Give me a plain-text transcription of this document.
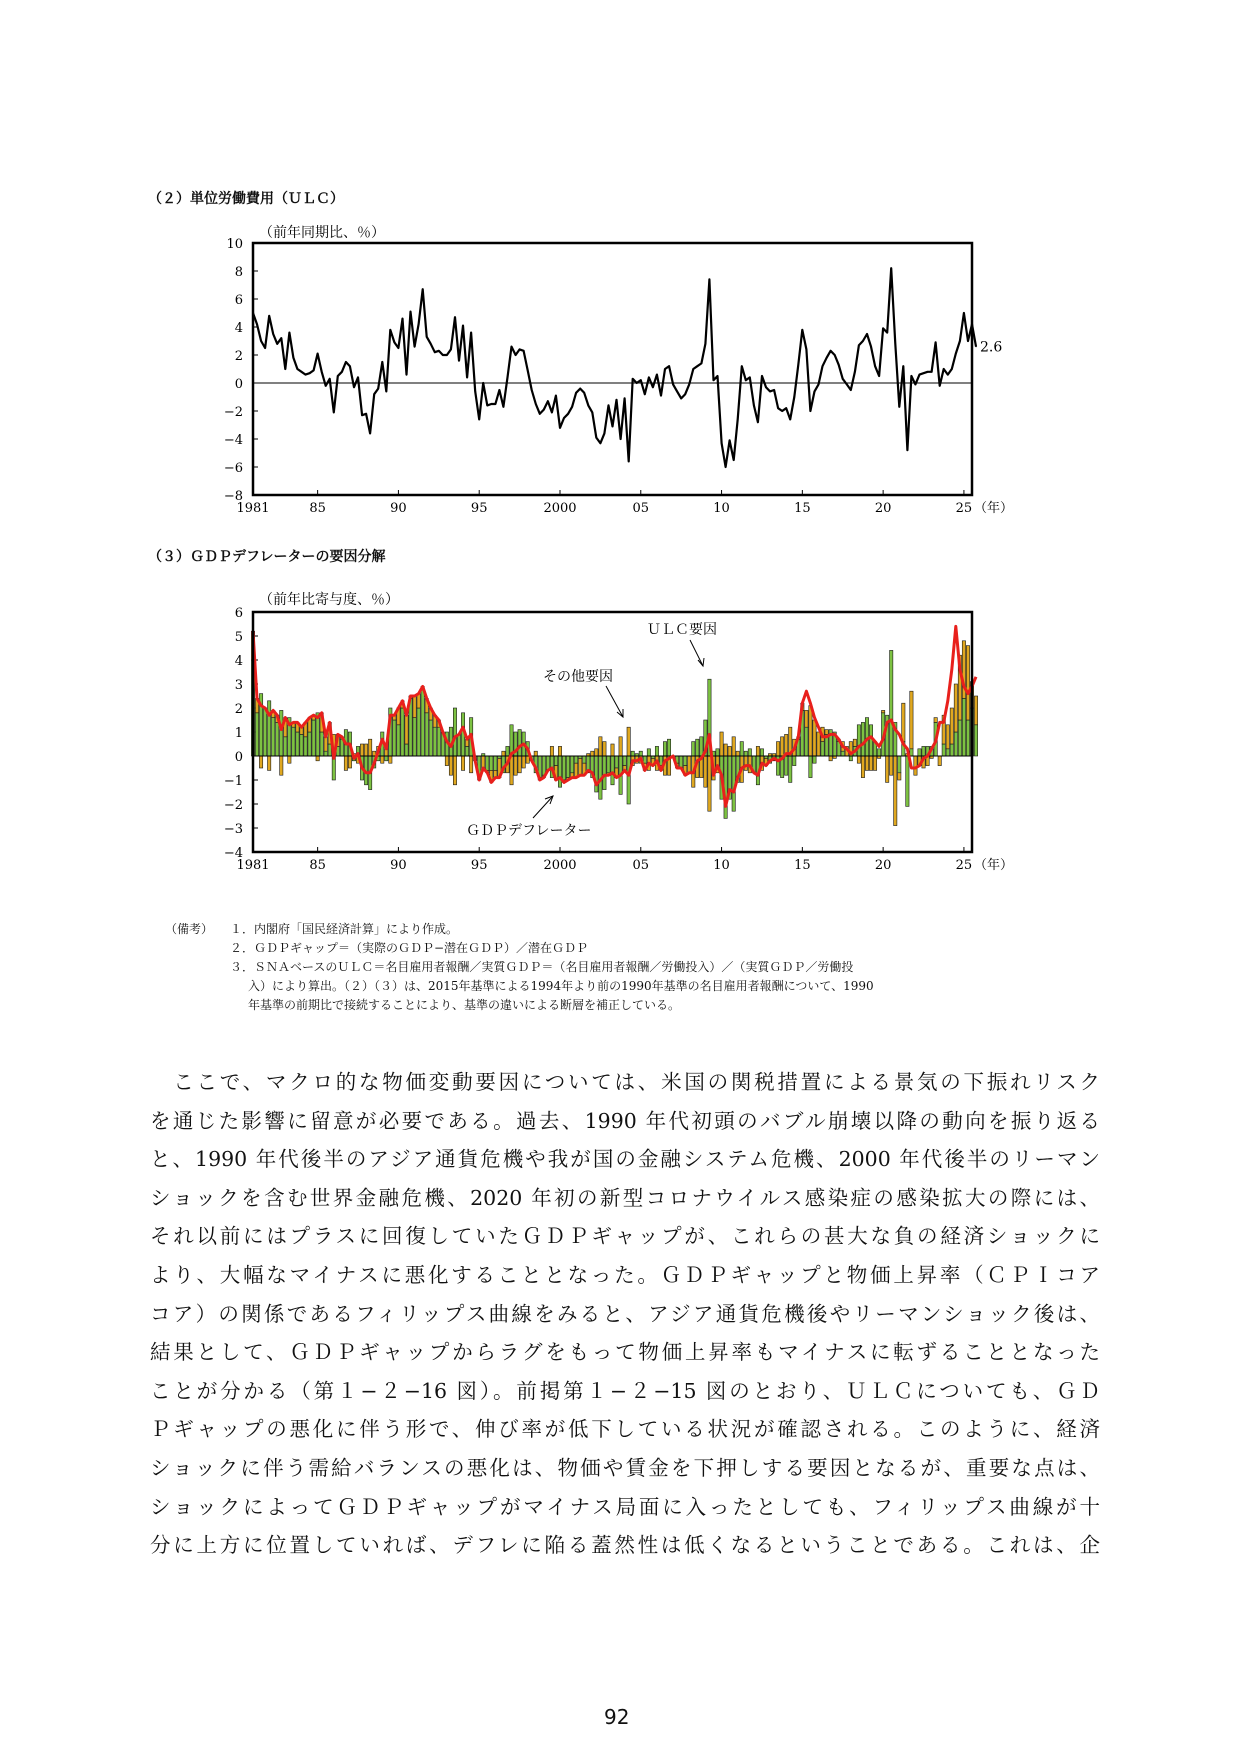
（２）単位労働費用（ＵＬＣ）
（前年同期比、％）
10
8
6
4
2
0
−2
−4
−6
−8
1981	85	90	95	2000	05	10	15	20	25 （年）
2.6
（３）ＧＤＰデフレーターの要因分解
（前年比寄与度、％）
6
5
4
3
2
1
0
−1
−2
−3
−4
1981	85	90	95	2000	05	10	15	20	25 （年）
ＵＬＣ要因
その他要因
ＧＤＰデフレーター
（備考） １．内閣府「国民経済計算」により作成。
２．ＧＤＰギャップ＝（実際のＧＤＰ−潜在ＧＤＰ）／潜在ＧＤＰ
３．ＳＮＡベースのＵＬＣ＝名目雇用者報酬／実質ＧＤＰ＝（名目雇用者報酬／労働投入）／（実質ＧＤＰ／労働投
入）により算出。（２）（３）は、2015年基準による1994年より前の1990年基準の名目雇用者報酬について、1990
年基準の前期比で接続することにより、基準の違いによる断層を補正している。
　ここで、マクロ的な物価変動要因については、米国の関税措置による景気の下振れリスク
を通じた影響に留意が必要である。過去、1990 年代初頭のバブル崩壊以降の動向を振り返る
と、1990 年代後半のアジア通貨危機や我が国の金融システム危機、2000 年代後半のリーマン
ショックを含む世界金融危機、2020 年初の新型コロナウイルス感染症の感染拡大の際には、
それ以前にはプラスに回復していたＧＤＰギャップが、これらの甚大な負の経済ショックに
より、大幅なマイナスに悪化することとなった。ＧＤＰギャップと物価上昇率（ＣＰＩコア
コア）の関係であるフィリップス曲線をみると、アジア通貨危機後やリーマンショック後は、
結果として、ＧＤＰギャップからラグをもって物価上昇率もマイナスに転ずることとなった
ことが分かる（第１−２−16 図）。前掲第１−２−15 図のとおり、ＵＬＣについても、ＧＤ
Ｐギャップの悪化に伴う形で、伸び率が低下している状況が確認される。このように、経済
ショックに伴う需給バランスの悪化は、物価や賃金を下押しする要因となるが、重要な点は、
ショックによってＧＤＰギャップがマイナス局面に入ったとしても、フィリップス曲線が十
分に上方に位置していれば、デフレに陥る蓋然性は低くなるということである。これは、企
92
